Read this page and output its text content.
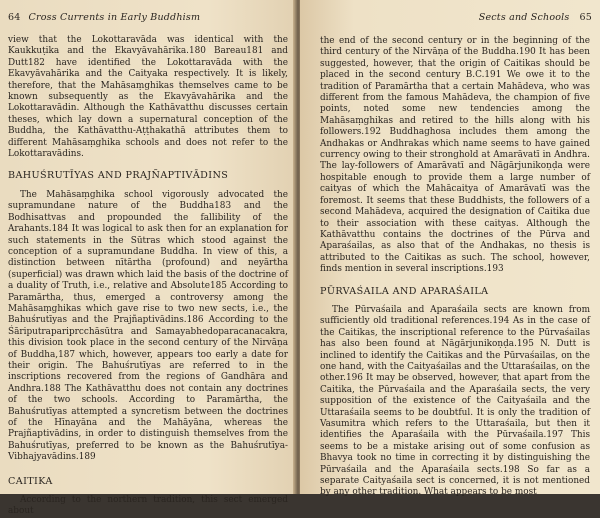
64 Cross Currents in Early Buddhism

view that the Lokottaravāda was identical with the Kaukkuṭika and the Ekavyāvahārika.180 Bareau181 and Dutt182 have identified the Lokottaravāda with the Ekavyāvahārika and the Caityaka respectively. It is likely, therefore, that the Mahāsaṃghikas themselves came to be known subsequently as the Ekavyāvahārika and the Lokottaravādin. Although the Kathāvatthu discusses certain theses, which lay down a supernatural conception of the Buddha, the Kathāvatthu-Aṭṭhakathā attributes them to different Mahāsaṃghika schools and does not refer to the Lokottaravādins.

BAHUŚRUTĪYAS AND PRAJÑAPTIVĀDINS

The Mahāsaṃghika school vigorously advocated the supramundane nature of the Buddha183 and the Bodhisattvas and propounded the fallibility of the Arahants.184 It was logical to ask then for an explanation for such statements in the Sūtras which stood against the conception of a supramundane Buddha. In view of this, a distinction between nītārtha (profound) and neyārtha (superficial) was drawn which laid the basis of the doctrine of a duality of Truth, i.e., relative and Absolute185 According to Paramārtha, thus, emerged a controversy among the Mahāsaṃghikas which gave rise to two new sects, i.e., the Bahuśrutīyas and the Prajñaptivādins.186 According to the Śāriputrapariprcchāsūtra and Samayabhedoparacanacakra, this division took place in the second century of the Nirvāṇa of Buddha,187 which, however, appears too early a date for their origin. The Bahuśrutīyas are referred to in the inscriptions recovered from the regions of Gandhāra and Andhra.188 The Kathāvatthu does not contain any doctrines of the two schools. According to Paramārtha, the Bahuśrutīyas attempted a syncretism between the doctrines of the Hīnayāna and the Mahāyāna, whereas the Prajñaptivādins, in order to distinguish themselves from the Bahuśrutīyas, preferred to be known as the Bahuśrutīya-Vibhajyavādins.189

CAITIKA

According to the northern tradition, this sect emerged about

Sects and Schools 65

the end of the second century or in the beginning of the third century of the Nirvāṇa of the Buddha.190 It has been suggested, however, that the origin of Caitikas should be placed in the second century B.C.191 We owe it to the tradition of Paramārtha that a certain Mahādeva, who was different from the famous Mahādeva, the champion of five points, noted some new tendencies among the Mahāsaṃghikas and retired to the hills along with his followers.192 Buddhaghosa includes them among the Andhakas or Andhrakas which name seems to have gained currency owing to their stronghold at Amarāvatī in Andhra. The lay-followers of Amarāvatī and Nāgārjunikoṇḍa were hospitable enough to provide them a large number of caityas of which the Mahācaitya of Amarāvatī was the foremost. It seems that these Buddhists, the followers of a second Mahādeva, acquired the designation of Caitika due to their association with these caityas. Although the Kathāvatthu contains the doctrines of the Pūrva and Aparaśailas, as also that of the Andhakas, no thesis is attributed to the Caitikas as such. The school, however, finds mention in several inscriptions.193

PŪRVAŚAILA AND APARAŚAILA

The Pūrvaśaila and Aparaśaila sects are known from sufficiently old traditional references.194 As in the case of the Caitikas, the inscriptional reference to the Pūrvaśailas has also been found at Nāgārjunikoṇḍa.195 N. Dutt is inclined to identify the Caitikas and the Pūrvaśailas, on the one hand, with the Caityaśailas and the Uttaraśailas, on the other.196 It may be observed, however, that apart from the Caitika, the Pūrvaśaila and the Aparaśaila sects, the very supposition of the existence of the Caityaśaila and the Uttaraśaila seems to be doubtful. It is only the tradition of Vasumitra which refers to the Uttaraśaila, but then it identifies the Aparaśaila with the Pūrvaśaila.197 This seems to be a mistake arising out of some confusion as Bhavya took no time in correcting it by distinguishing the Pūrvaśaila and the Aparaśaila sects.198 So far as a separate Caityaśaila sect is concerned, it is not mentioned by any other tradition. What appears to be most
